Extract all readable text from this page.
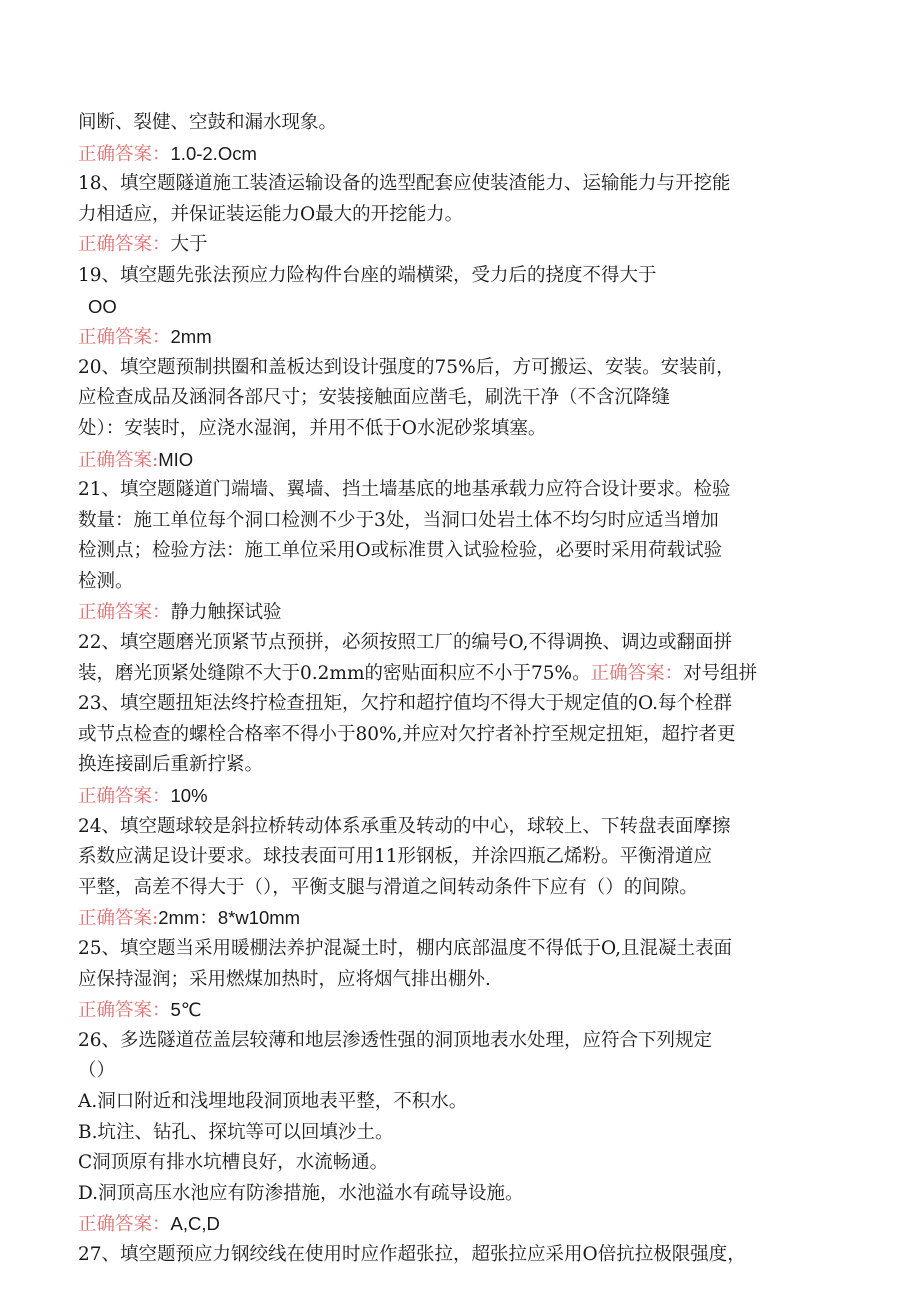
间断、裂健、空鼓和漏水现象。
正确答案：1.0-2.Ocm
18、填空题隧道施工装渣运输设备的选型配套应使装渣能力、运输能力与开挖能
力相适应，并保证装运能力O最大的开挖能力。
正确答案：大于
19、填空题先张法预应力险构件台座的端横梁，受力后的挠度不得大于
OO
正确答案：2mm
20、填空题预制拱圈和盖板达到设计强度的75%后，方可搬运、安装。安装前，
应检查成品及涵洞各部尺寸；安装接触面应凿毛，刷洗干净（不含沉降缝
处）：安装时，应浇水湿润，并用不低于O水泥砂浆填塞。
正确答案:MIO
21、填空题隧道门端墙、翼墙、挡土墙基底的地基承载力应符合设计要求。检验
数量：施工单位每个洞口检测不少于3处，当洞口处岩土体不均匀时应适当增加
检测点；检验方法：施工单位采用O或标准贯入试验检验，必要时采用荷载试验
检测。
正确答案：静力触探试验
22、填空题磨光顶紧节点预拼，必须按照工厂的编号O,不得调换、调边或翻面拼
装，磨光顶紧处缝隙不大于0.2mm的密贴面积应不小于75%。正确答案：对号组拼
23、填空题扭矩法终拧检查扭矩，欠拧和超拧值均不得大于规定值的O.每个栓群
或节点检查的螺栓合格率不得小于80%,并应对欠拧者补拧至规定扭矩，超拧者更
换连接副后重新拧紧。
正确答案：10%
24、填空题球较是斜拉桥转动体系承重及转动的中心，球较上、下转盘表面摩擦
系数应满足设计要求。球技表面可用11形钢板，并涂四瓶乙烯粉。平衡滑道应
平整，高差不得大于（），平衡支腿与滑道之间转动条件下应有（）的间隙。
正确答案:2mm：8*w10mm
25、填空题当采用暖棚法养护混凝土时，棚内底部温度不得低于O,且混凝土表面
应保持湿润；采用燃煤加热时，应将烟气排出棚外.
正确答案：5℃
26、多选隧道莅盖层较薄和地层渗透性强的洞顶地表水处理，应符合下列规定
（）
A.洞口附近和浅埋地段洞顶地表平整，不积水。
B.坑注、钻孔、探坑等可以回填沙土。
C洞顶原有排水坑槽良好，水流畅通。
D.洞顶高压水池应有防渗措施，水池溢水有疏导设施。
正确答案：A,C,D
27、填空题预应力钢绞线在使用时应作超张拉，超张拉应采用O倍抗拉极限强度，
